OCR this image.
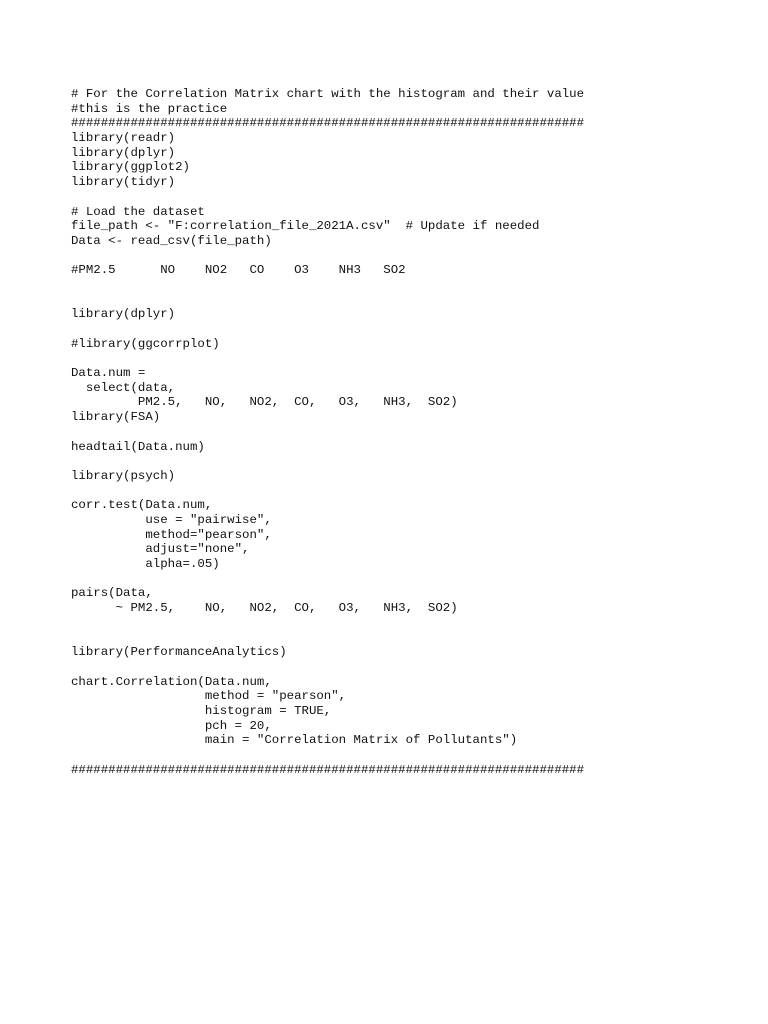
# For the Correlation Matrix chart with the histogram and their value
#this is the practice
#####################################################################
library(readr)
library(dplyr)
library(ggplot2)
library(tidyr)
# Load the dataset
file_path <- "F:correlation_file_2021A.csv"  # Update if needed
Data <- read_csv(file_path)
#PM2.5      NO    NO2   CO    O3    NH3   SO2
library(dplyr)
#library(ggcorrplot)
Data.num =
select(data,
PM2.5,   NO,   NO2,  CO,   O3,   NH3,  SO2)
library(FSA)
headtail(Data.num)
library(psych)
corr.test(Data.num,
use = "pairwise",
method="pearson",
adjust="none",
alpha=.05)
pairs(Data,
~ PM2.5,    NO,   NO2,  CO,   O3,   NH3,  SO2)
library(PerformanceAnalytics)
chart.Correlation(Data.num,
method = "pearson",
histogram = TRUE,
pch = 20,
main = "Correlation Matrix of Pollutants")
#####################################################################
